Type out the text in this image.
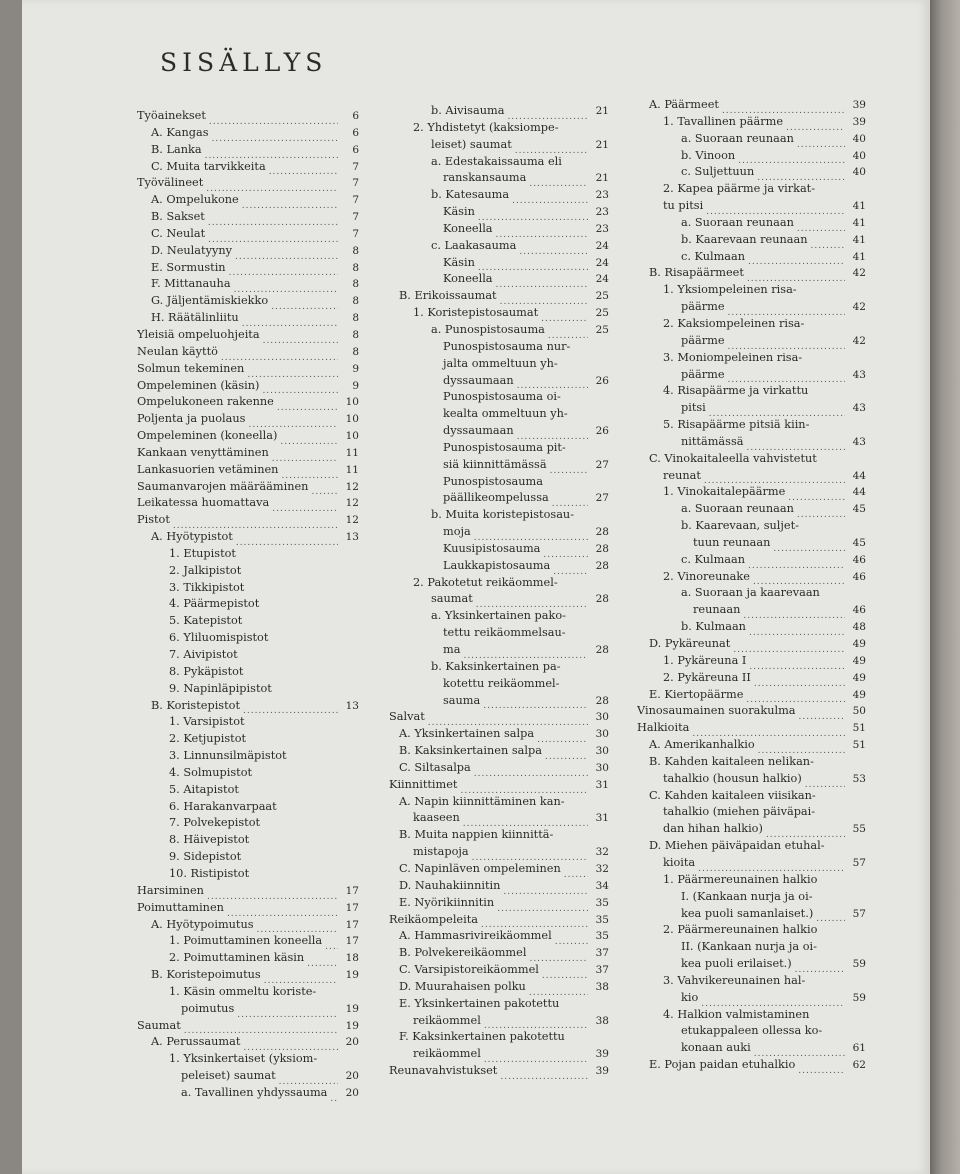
SISÄLLYS
Työainekset .....	6
A. Kangas .....	6
B. Lanka .....	6
C. Muita tarvikkeita .....	7
Työvälineet .....	7
A. Ompelukone .....	7
B. Sakset .....	7
C. Neulat .....	7
D. Neulatyyny .....	8
E. Sormustin .....	8
F. Mittanauha .....	8
G. Jäljentämiskiekko .....	8
H. Räätälinliitu .....	8
Yleisiä ompeluohjeita .....	8
Neulan käyttö .....	8
Solmun tekeminen .....	9
Ompeleminen (käsin) .....	9
Ompelukoneen rakenne .....	10
Poljenta ja puolaus .....	10
Ompeleminen (koneella) .....	10
Kankaan venyttäminen .....	11
Lankasuorien vetäminen .....	11
Saumanvarojen määrääminen .....	12
Leikatessa huomattava .....	12
Pistot .....	12
A. Hyötypistot .....	13
1. Etupistot
2. Jalkipistot
3. Tikkipistot
4. Päärmepistot
5. Katepistot
6. Yliluomispistot
7. Aivipistot
8. Pykäpistot
9. Napinläpipistot
B. Koristepistot .....	13
1. Varsipistot
2. Ketjupistot
3. Linnunsilmäpistot
4. Solmupistot
5. Aitapistot
6. Harakanvarpaat
7. Polvekepistot
8. Häivepistot
9. Sidepistot
10. Ristipistot
Harsiminen .....	17
Poimuttaminen .....	17
A. Hyötypoimutus .....	17
1. Poimuttaminen koneella .....	17
2. Poimuttaminen käsin .....	18
B. Koristepoimutus .....	19
1. Käsin ommeltu koriste-
poimutus .....	19
Saumat .....	19
A. Perussaumat .....	20
1. Yksinkertaiset (yksiom-
peleiset) saumat .....	20
a. Tavallinen yhdyssauma .....	20
b. Aivisauma .....	21
2. Yhdistetyt (kaksiompe-
leiset) saumat .....	21
a. Edestakaissauma eli
ranskansauma .....	21
b. Katesauma .....	23
Käsin .....	23
Koneella .....	23
c. Laakasauma .....	24
Käsin .....	24
Koneella .....	24
B. Erikoissaumat .....	25
1. Koristepistosaumat .....	25
a. Punospistosauma .....	25
Punospistosauma nur-
jalta ommeltuun yh-
dyssaumaan .....	26
Punospistosauma oi-
kealta ommeltuun yh-
dyssaumaan .....	26
Punospistosauma pit-
siä kiinnittämässä .....	27
Punospistosauma
päällikeompelussa .....	27
b. Muita koristepistosau-
moja .....	28
Kuusipistosauma .....	28
Laukkapistosauma .....	28
2. Pakotetut reikäommel-
saumat .....	28
a. Yksinkertainen pako-
tettu reikäommelsau-
ma .....	28
b. Kaksinkertainen pa-
kotettu reikäommel-
sauma .....	28
Salvat .....	30
A. Yksinkertainen salpa .....	30
B. Kaksinkertainen salpa .....	30
C. Siltasalpa .....	30
Kiinnittimet .....	31
A. Napin kiinnittäminen kan-
kaaseen .....	31
B. Muita nappien kiinnittä-
mistapoja .....	32
C. Napinläven ompeleminen .....	32
D. Nauhakiinnitin .....	34
E. Nyörikiinnitin .....	35
Reikäompeleita .....	35
A. Hammasrivireikäommel .....	35
B. Polvekereikäommel .....	37
C. Varsipistoreikäommel .....	37
D. Muurahaisen polku .....	38
E. Yksinkertainen pakotettu
reikäommel .....	38
F. Kaksinkertainen pakotettu
reikäommel .....	39
Reunavahvistukset .....	39
A. Päärmeet .....	39
1. Tavallinen päärme .....	39
a. Suoraan reunaan .....	40
b. Vinoon .....	40
c. Suljettuun .....	40
2. Kapea päärme ja virkat-
tu pitsi .....	41
a. Suoraan reunaan .....	41
b. Kaarevaan reunaan .....	41
c. Kulmaan .....	41
B. Risapäärmeet .....	42
1. Yksiompeleinen risa-
päärme .....	42
2. Kaksiompeleinen risa-
päärme .....	42
3. Moniompeleinen risa-
päärme .....	43
4. Risapäärme ja virkattu
pitsi .....	43
5. Risapäärme pitsiä kiin-
nittämässä .....	43
C. Vinokaitaleella vahvistetut
reunat .....	44
1. Vinokaitalepäärme .....	44
a. Suoraan reunaan .....	45
b. Kaarevaan, suljet-
tuun reunaan .....	45
c. Kulmaan .....	46
2. Vinoreunake .....	46
a. Suoraan ja kaarevaan
reunaan .....	46
b. Kulmaan .....	48
D. Pykäreunat .....	49
1. Pykäreuna I .....	49
2. Pykäreuna II .....	49
E. Kiertopäärme .....	49
Vinosaumainen suorakulma .....	50
Halkioita .....	51
A. Amerikanhalkio .....	51
B. Kahden kaitaleen nelikan-
tahalkio (housun halkio) .....	53
C. Kahden kaitaleen viisikan-
tahalkio (miehen päiväpai-
dan hihan halkio) .....	55
D. Miehen päiväpaidan etuhal-
kioita .....	57
1. Päärmereunainen halkio
I. (Kankaan nurja ja oi-
kea puoli samanlaiset.) .....	57
2. Päärmereunainen halkio
II. (Kankaan nurja ja oi-
kea puoli erilaiset.) .....	59
3. Vahvikereunainen hal-
kio .....	59
4. Halkion valmistaminen
etukappaleen ollessa ko-
konaan auki .....	61
E. Pojan paidan etuhalkio .....	62
